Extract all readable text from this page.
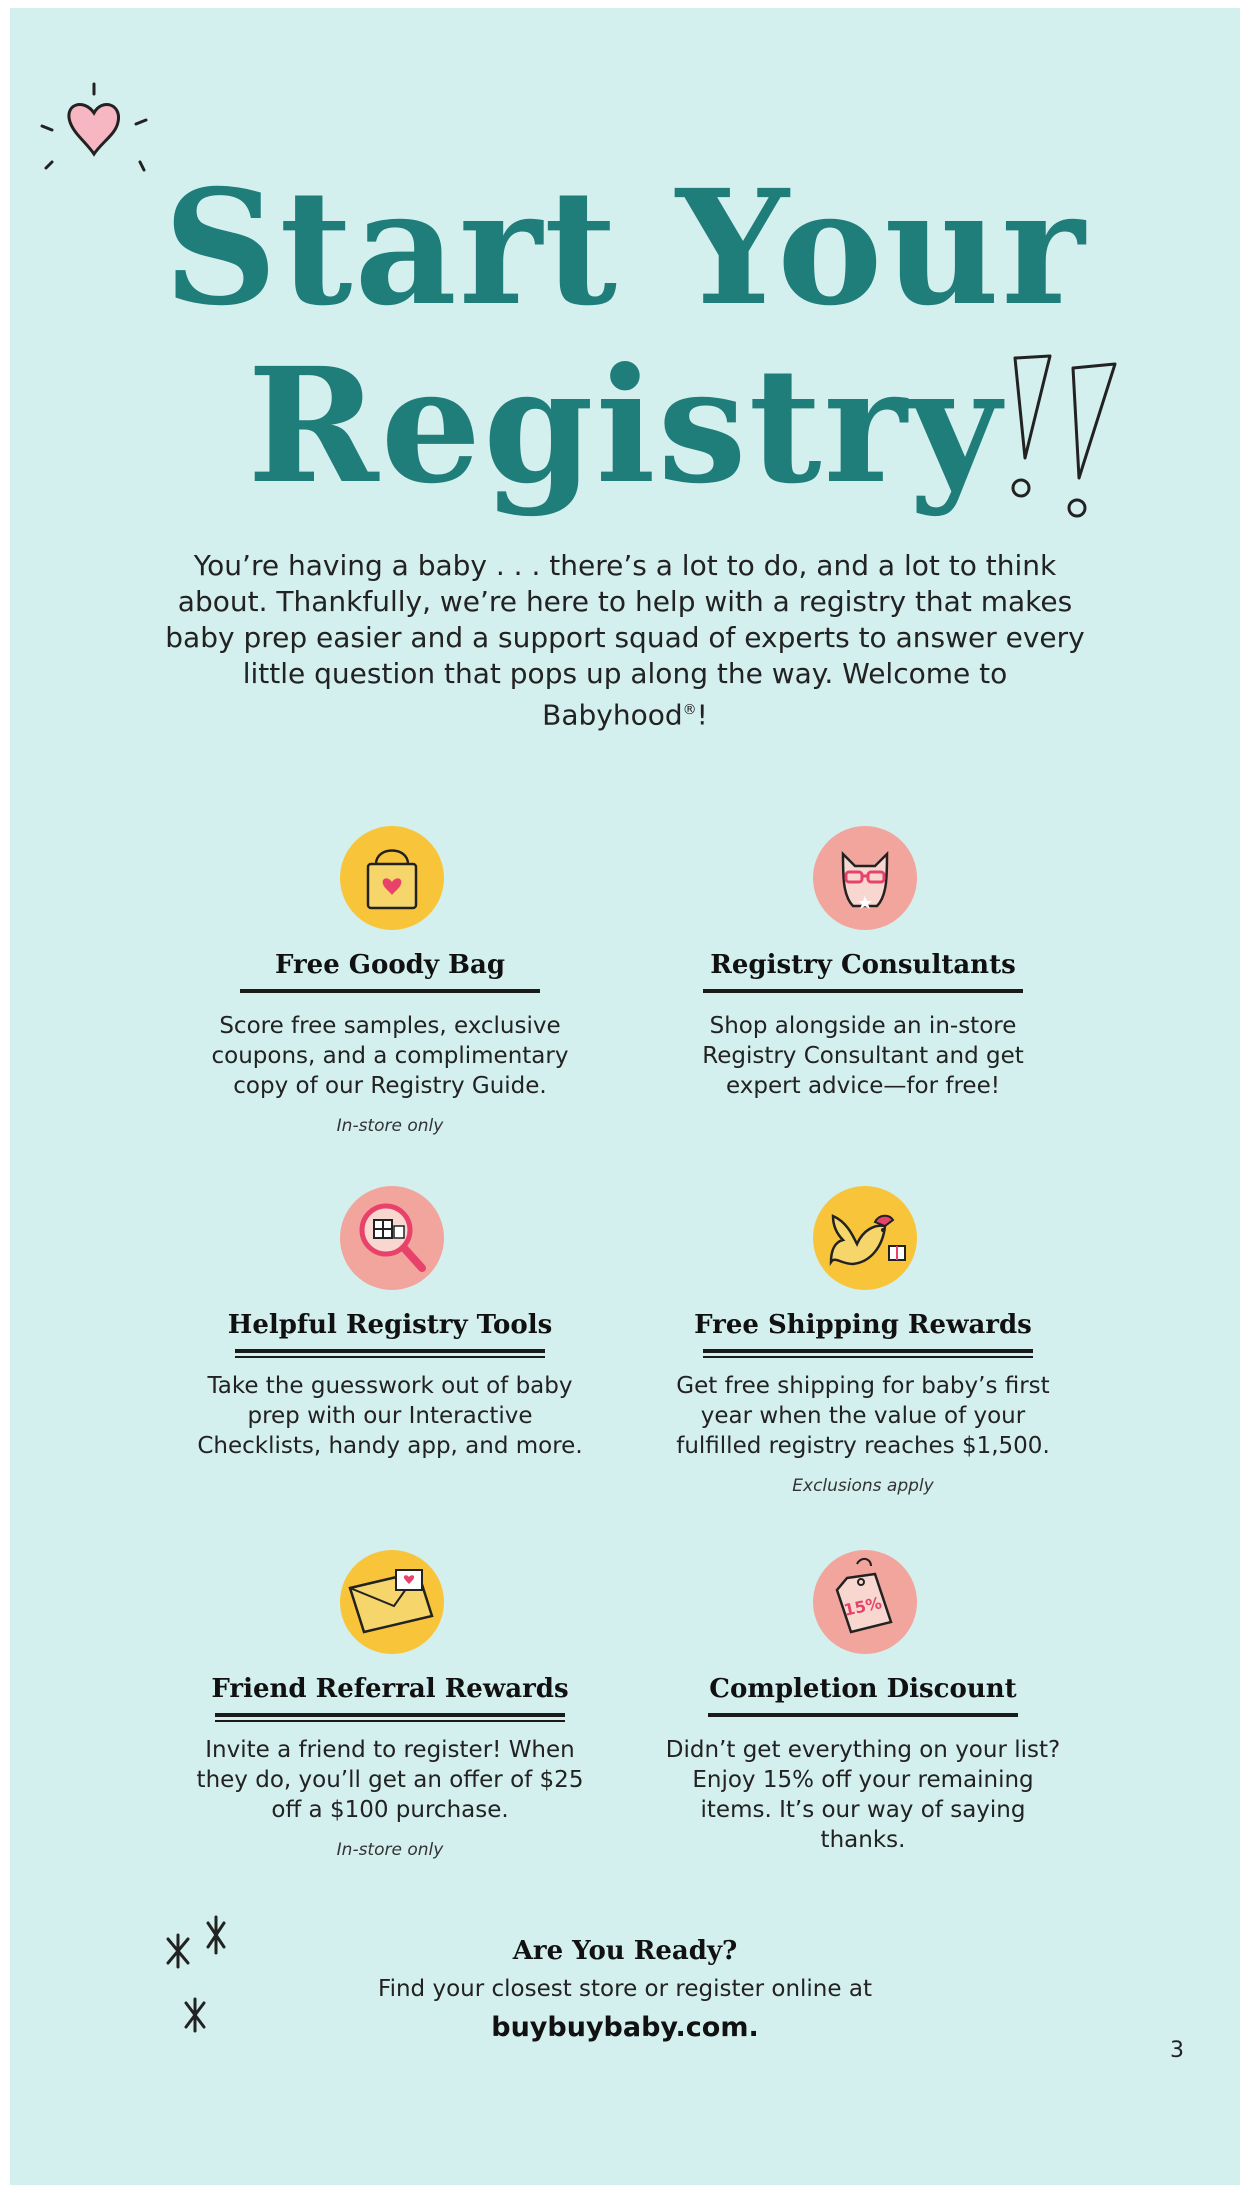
Start Your
Registry
You’re having a baby . . . there’s a lot to do, and a lot to think about. Thankfully, we’re here to help with a registry that makes baby prep easier and a support squad of experts to answer every little question that pops up along the way. Welcome to Babyhood®!
Free Goody Bag
Score free samples, exclusive coupons, and a complimentary copy of our Registry Guide.
In-store only
Registry Consultants
Shop alongside an in-store Registry Consultant and get expert advice—for free!
Helpful Registry Tools
Take the guesswork out of baby prep with our Interactive Checklists, handy app, and more.
Free Shipping Rewards
Get free shipping for baby’s first year when the value of your fulfilled registry reaches $1,500.
Exclusions apply
Friend Referral Rewards
Invite a friend to register! When they do, you’ll get an offer of $25 off a $100 purchase.
In-store only
15%
Completion Discount
Didn’t get everything on your list? Enjoy 15% off your remaining items. It’s our way of saying thanks.
Are You Ready?
Find your closest store or register online at
buybuybaby.com.
3
